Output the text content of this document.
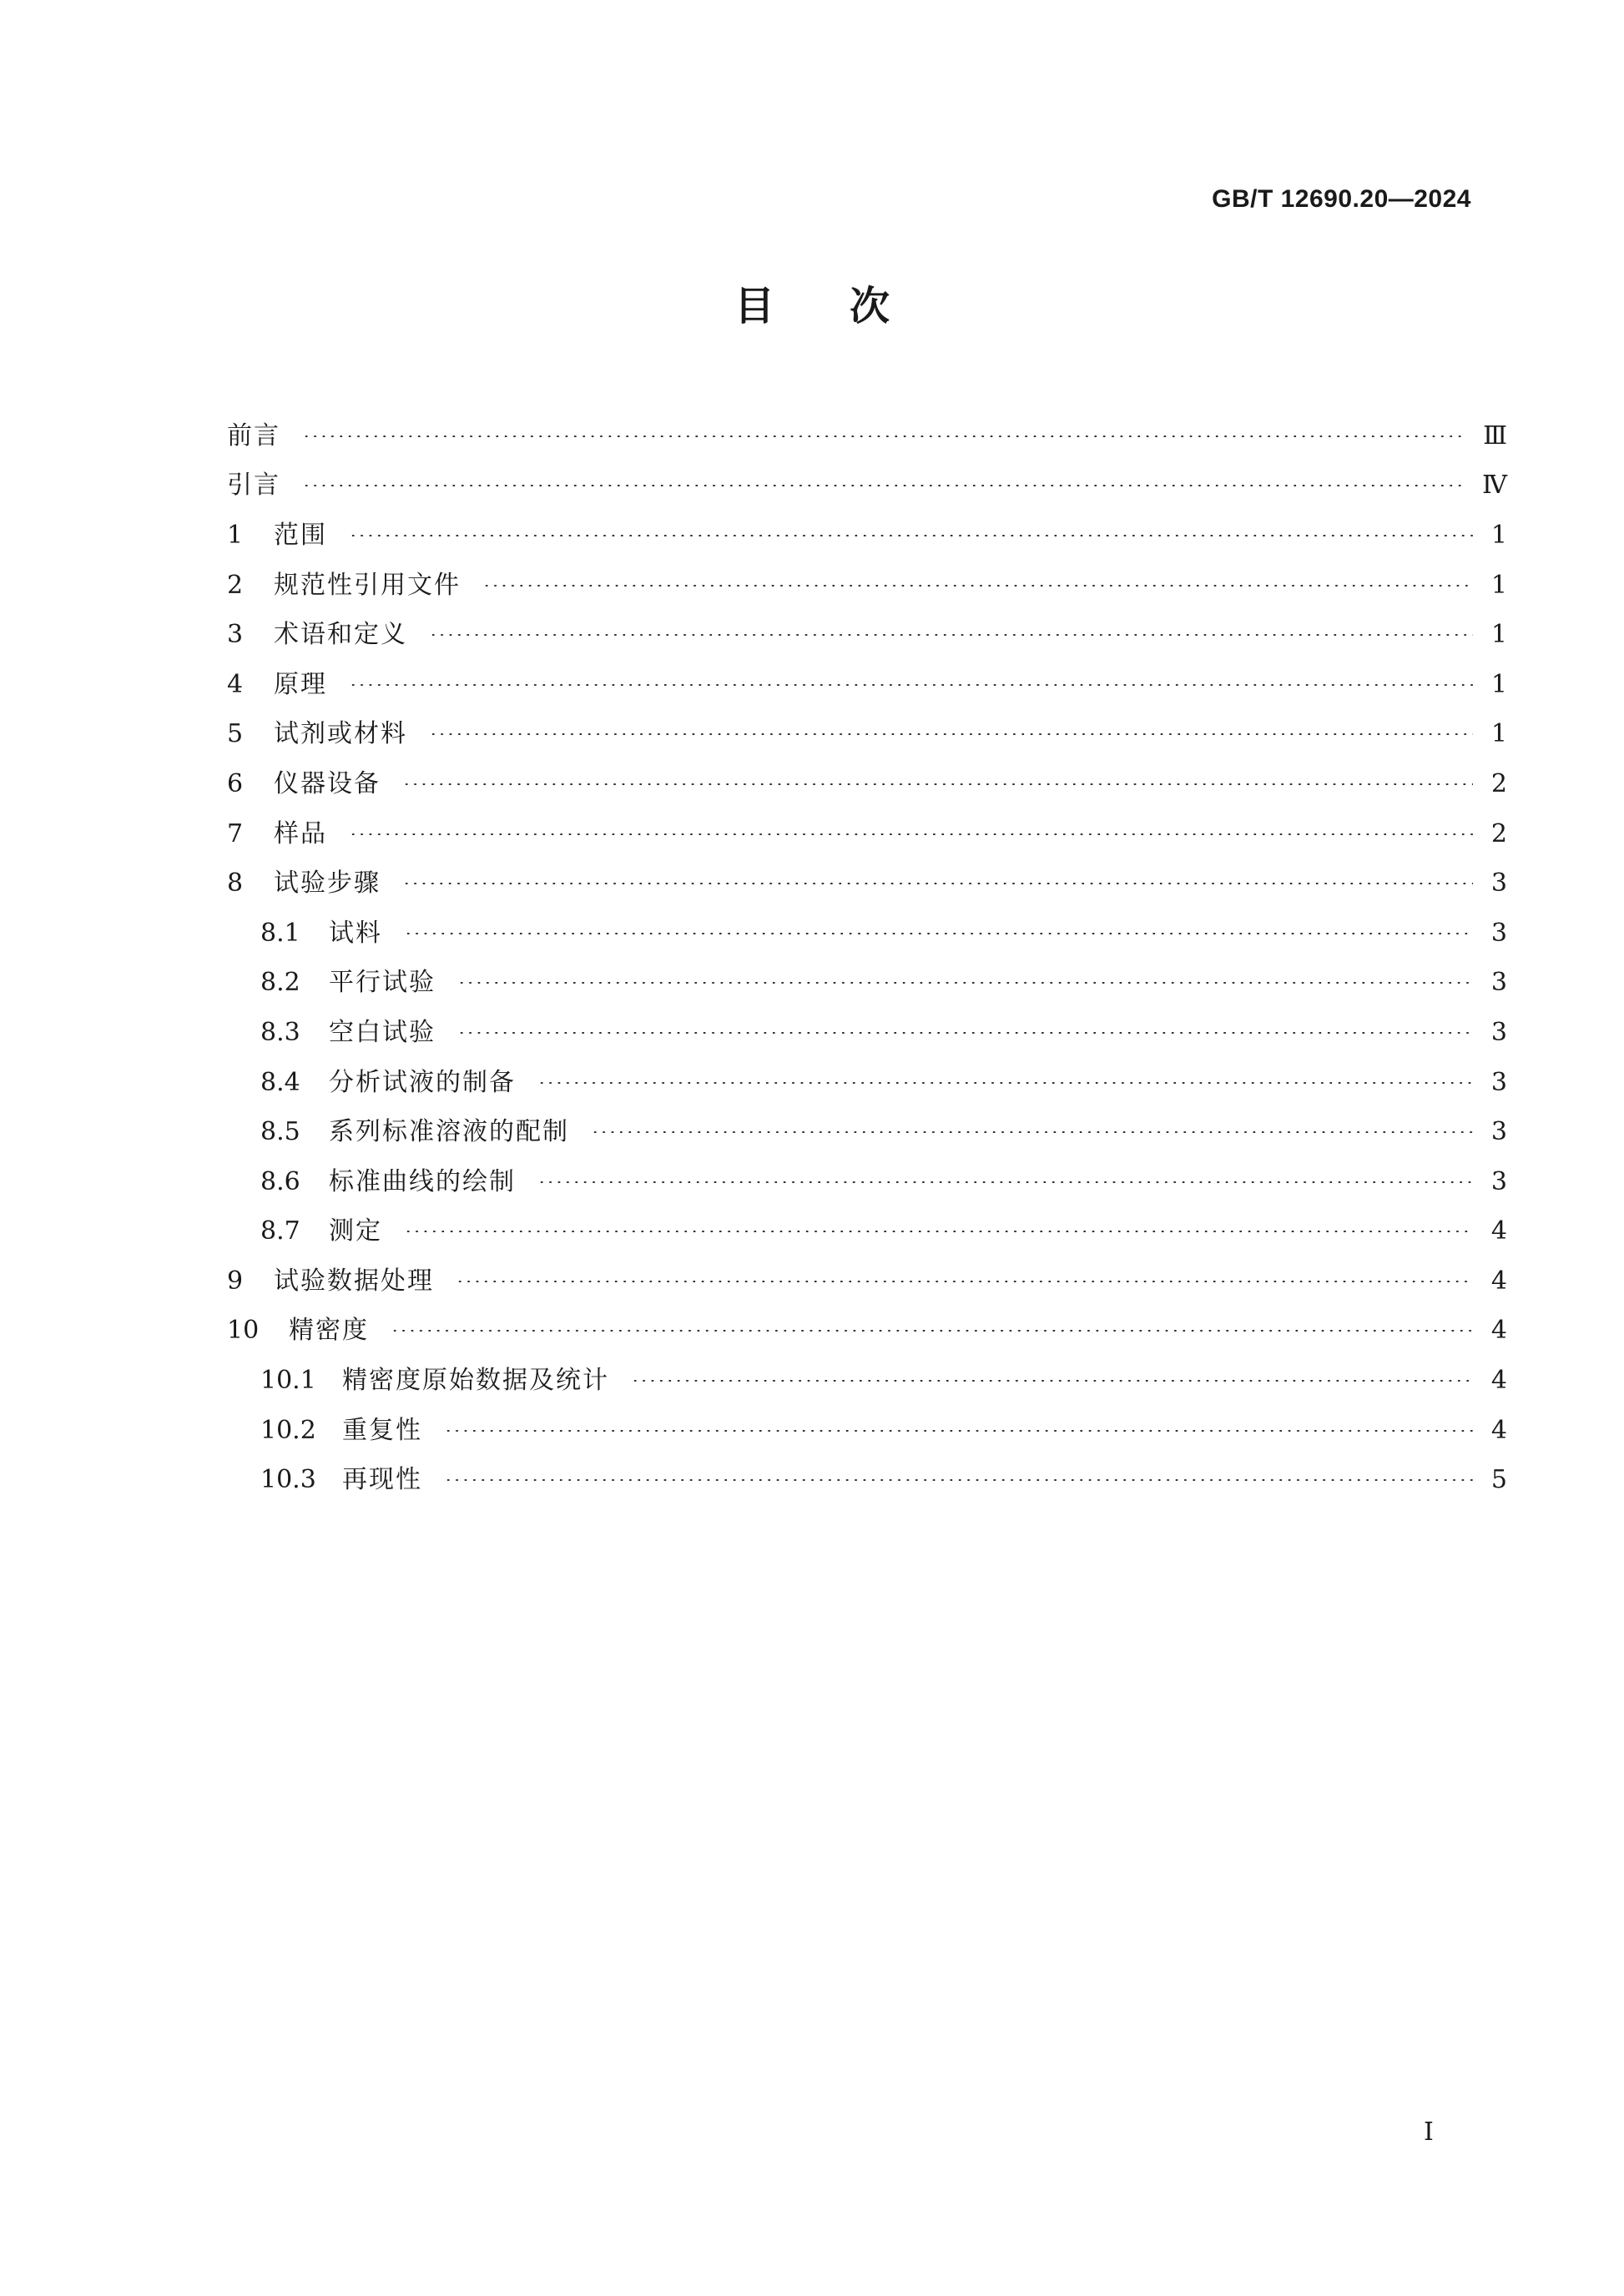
GB/T 12690.20—2024
目次
前言	Ⅲ
引言	Ⅳ
1	范围	1
2	规范性引用文件	1
3	术语和定义	1
4	原理	1
5	试剂或材料	1
6	仪器设备	2
7	样品	2
8	试验步骤	3
8.1	试料	3
8.2	平行试验	3
8.3	空白试验	3
8.4	分析试液的制备	3
8.5	系列标准溶液的配制	3
8.6	标准曲线的绘制	3
8.7	测定	4
9	试验数据处理	4
10	精密度	4
10.1	精密度原始数据及统计	4
10.2	重复性	4
10.3	再现性	5
Ⅰ
